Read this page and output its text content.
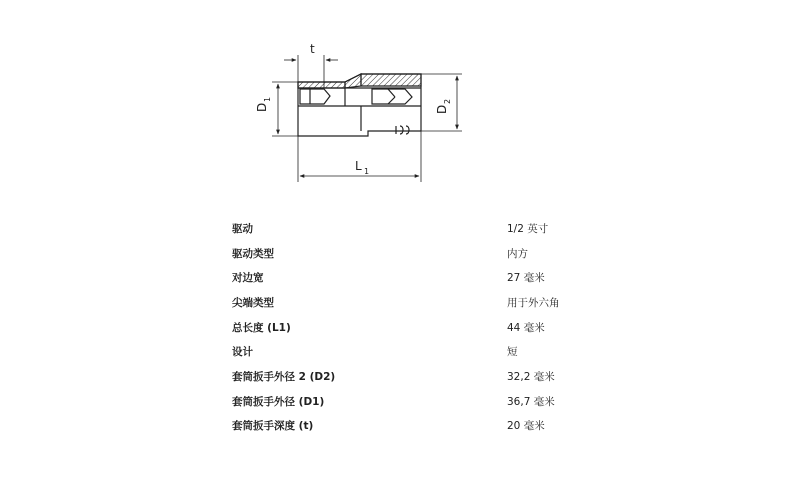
t
D
1
D
2
L 1
驱动	1/2 英寸
驱动类型	内方
对边宽	27 毫米
尖端类型	用于外六角
总长度 (L1)	44 毫米
设计	短
套筒扳手外径 2 (D2)	32,2 毫米
套筒扳手外径 (D1)	36,7 毫米
套筒扳手深度 (t)	20 毫米
